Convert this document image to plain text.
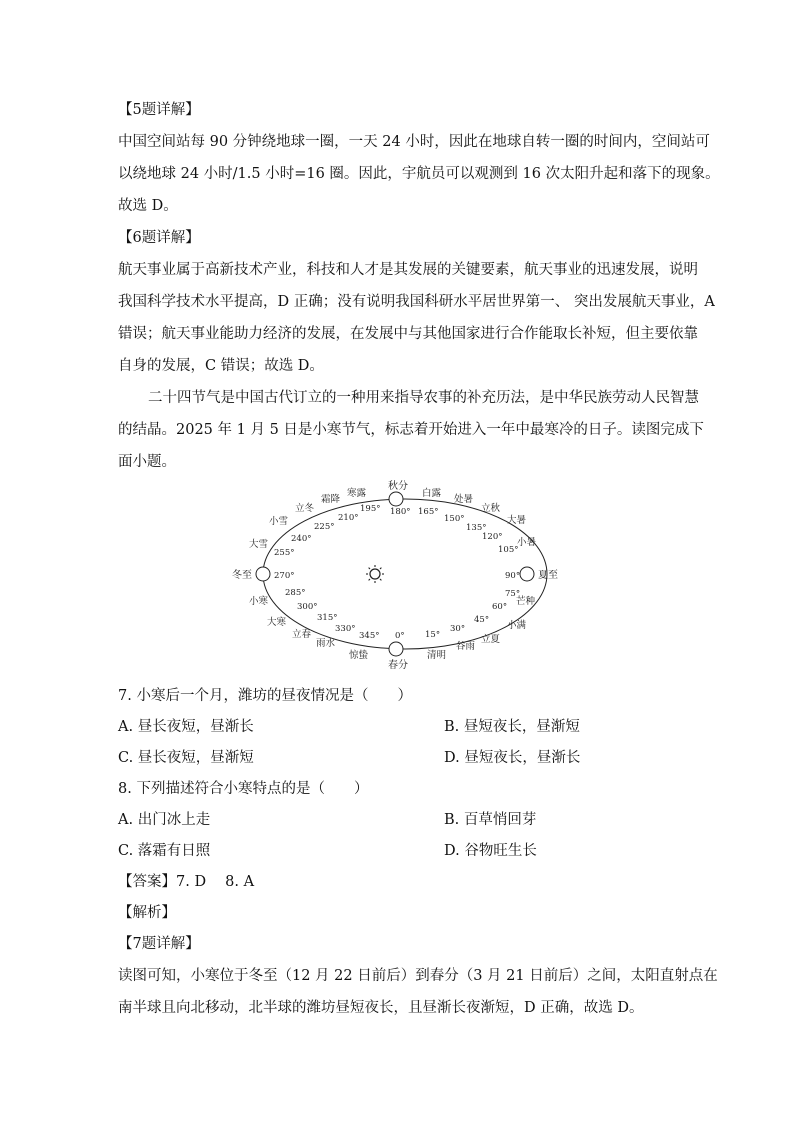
【5题详解】
中国空间站每 90 分钟绕地球一圈，一天 24 小时，因此在地球自转一圈的时间内，空间站可
以绕地球 24 小时/1.5 小时=16 圈。因此，宇航员可以观测到 16 次太阳升起和落下的现象。
故选 D。
【6题详解】
航天事业属于高新技术产业，科技和人才是其发展的关键要素，航天事业的迅速发展，说明
我国科学技术水平提高，D 正确；没有说明我国科研水平居世界第一、 突出发展航天事业，A
错误；航天事业能助力经济的发展，在发展中与其他国家进行合作能取长补短，但主要依靠
自身的发展，C 错误；故选 D。
二十四节气是中国古代订立的一种用来指导农事的补充历法，是中华民族劳动人民智慧
的结晶。2025 年 1 月 5 日是小寒节气，标志着开始进入一年中最寒冷的日子。读图完成下
面小题。
秋分
春分
冬至	夏至
寒露
霜降
立冬
小雪
大雪
小寒
大寒
立春
雨水
惊蛰	清明
谷雨
立夏
小满
芒种
小暑
大暑
立秋
处暑
白露
195°
210°
225°
240°
255°
270°
285°
300°
315°
330°
345° 0° 15°
30°
45°
60°
75°
90°
105°
120°
135°
150°
165°
180°
7. 小寒后一个月，潍坊的昼夜情况是（　　）
A. 昼长夜短，昼渐长	B. 昼短夜长，昼渐短
C. 昼长夜短，昼渐短	D. 昼短夜长，昼渐长
8. 下列描述符合小寒特点的是（　　）
A. 出门冰上走	B. 百草悄回芽
C. 落霜有日照	D. 谷物旺生长
【答案】7. D　 8. A
【解析】
【7题详解】
读图可知，小寒位于冬至（12 月 22 日前后）到春分（3 月 21 日前后）之间，太阳直射点在
南半球且向北移动，北半球的潍坊昼短夜长，且昼渐长夜渐短，D 正确，故选 D。
